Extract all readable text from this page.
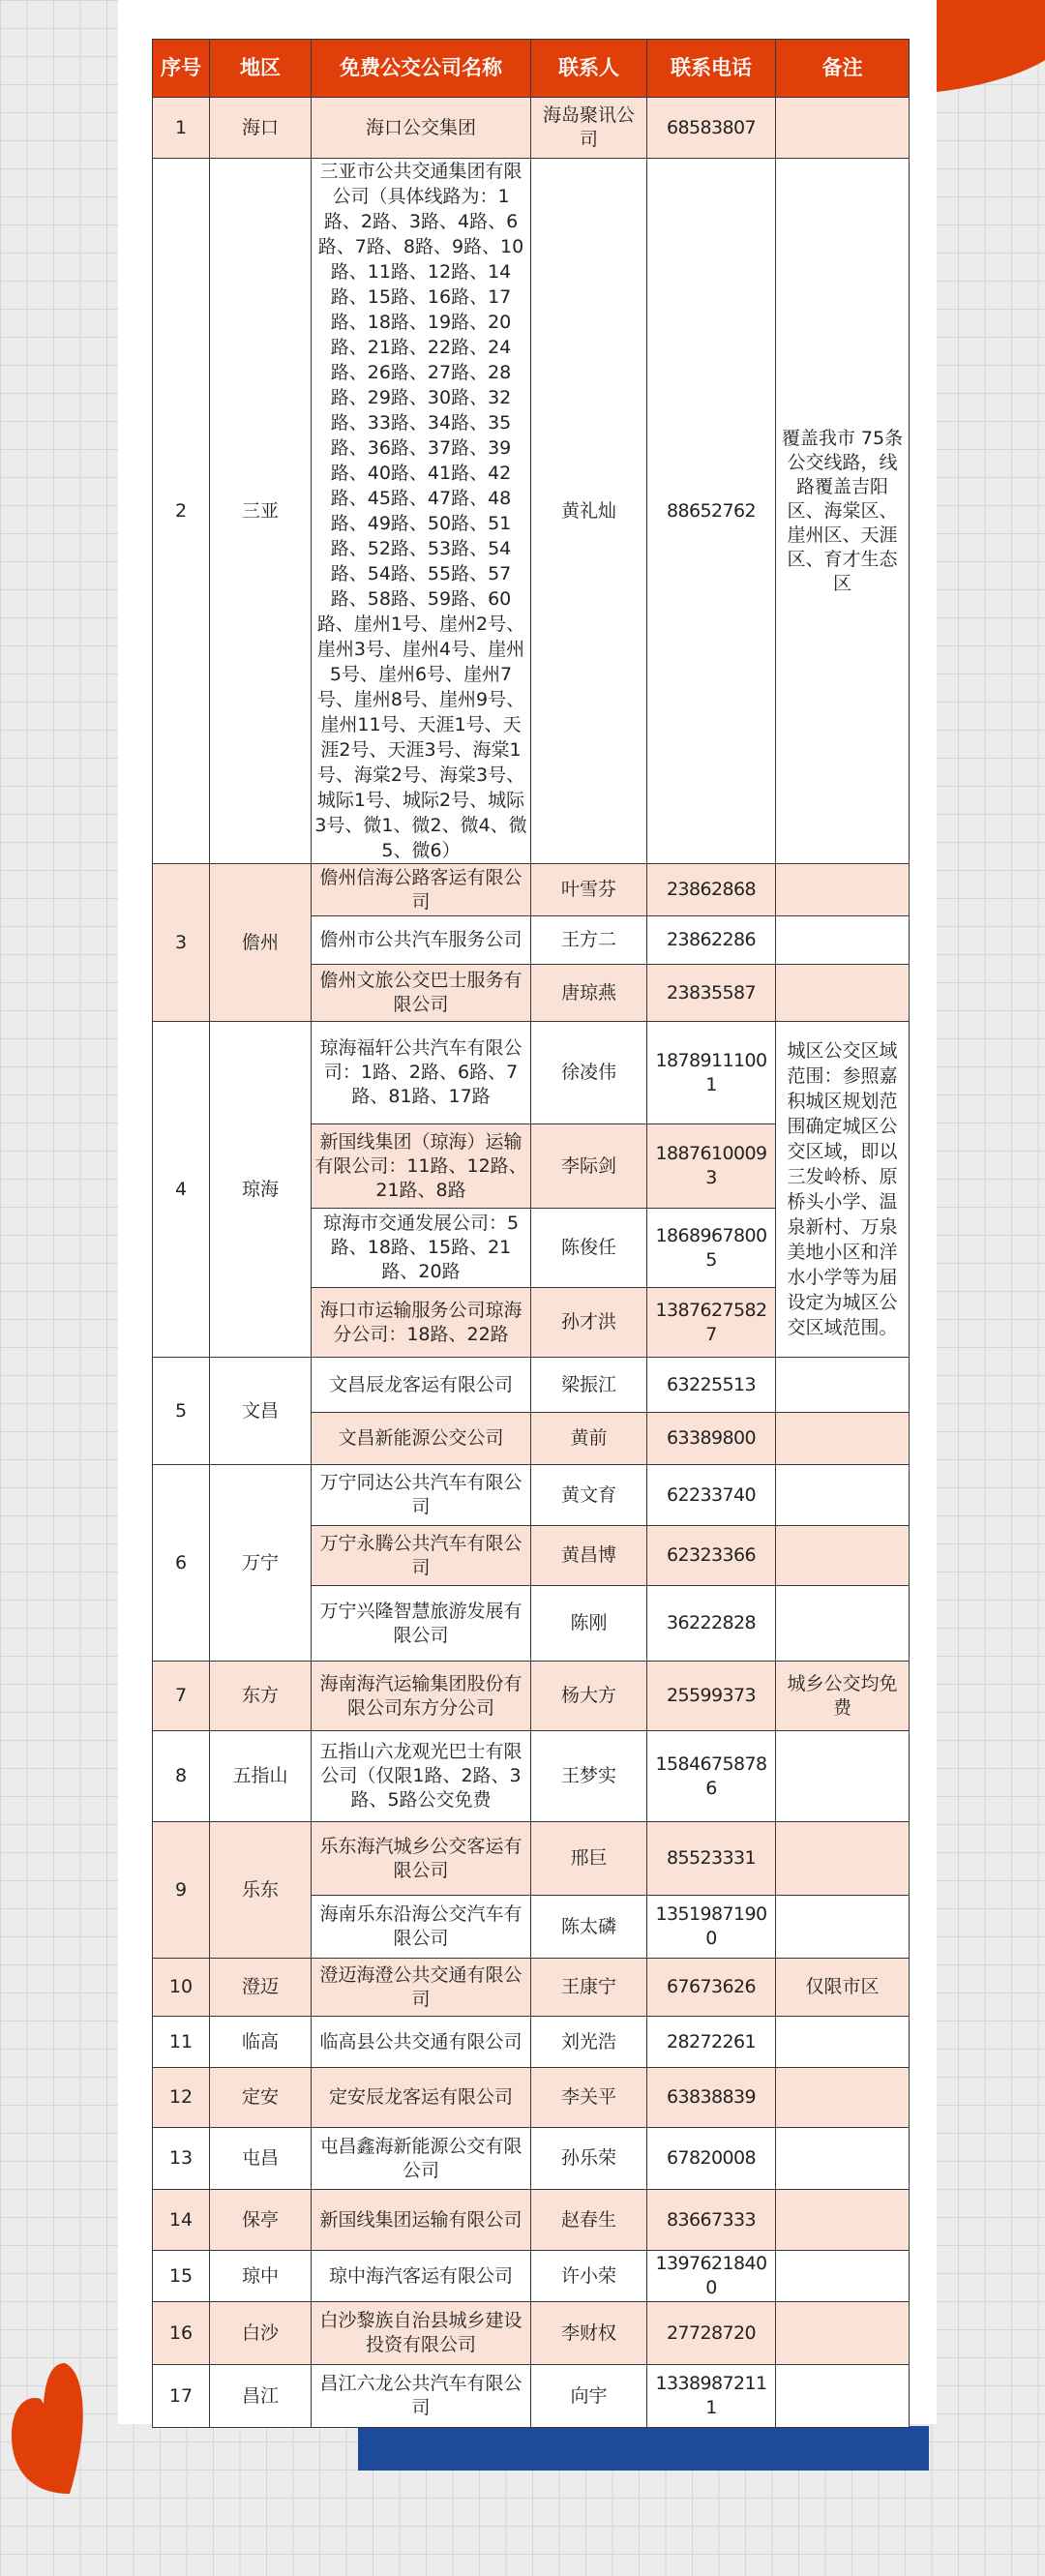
序号	地区	免费公交公司名称	联系人	联系电话	备注
1	海口	海口公交集团	海岛聚讯公司	68583807	
2	三亚	三亚市公共交通集团有限公司（具体线路为：1路、2路、3路、4路、6路、7路、8路、9路、10路、11路、12路、14路、15路、16路、17路、18路、19路、20路、21路、22路、24路、26路、27路、28路、29路、30路、32路、33路、34路、35路、36路、37路、39路、40路、41路、42路、45路、47路、48路、49路、50路、51路、52路、53路、54路、54路、55路、57路、58路、59路、60路、崖州1号、崖州2号、崖州3号、崖州4号、崖州5号、崖州6号、崖州7号、崖州8号、崖州9号、崖州11号、天涯1号、天涯2号、天涯3号、海棠1号、海棠2号、海棠3号、城际1号、城际2号、城际3号、微1、微2、微4、微5、微6）	黄礼灿	88652762	覆盖我市 75条公交线路，线路覆盖吉阳区、海棠区、崖州区、天涯区、育才生态区
3	儋州	儋州信海公路客运有限公司	叶雪芬	23862868	
		儋州市公共汽车服务公司	王方二	23862286	
		儋州文旅公交巴士服务有限公司	唐琼燕	23835587	
4	琼海	琼海福轩公共汽车有限公司：1路、2路、6路、7路、81路、17路	徐凌伟	18789111001	城区公交区域范围：参照嘉积城区规划范围确定城区公交区域，即以三发岭桥、原桥头小学、温泉新村、万泉美地小区和洋水小学等为届设定为城区公交区域范围。
		新国线集团（琼海）运输有限公司：11路、12路、21路、8路	李际剑	18876100093	
		琼海市交通发展公司：5路、18路、15路、21路、20路	陈俊任	18689678005	
		海口市运输服务公司琼海分公司：18路、22路	孙才洪	13876275827	
5	文昌	文昌辰龙客运有限公司	梁振江	63225513	
		文昌新能源公交公司	黄前	63389800	
6	万宁	万宁同达公共汽车有限公司	黄文育	62233740	
		万宁永腾公共汽车有限公司	黄昌博	62323366	
		万宁兴隆智慧旅游发展有限公司	陈刚	36222828	
7	东方	海南海汽运输集团股份有限公司东方分公司	杨大方	25599373	城乡公交均免费
8	五指山	五指山六龙观光巴士有限公司（仅限1路、2路、3路、5路公交免费	王梦实	15846758786	
9	乐东	乐东海汽城乡公交客运有限公司	邢巨	85523331	
		海南乐东沿海公交汽车有限公司	陈太磷	13519871900	
10	澄迈	澄迈海澄公共交通有限公司	王康宁	67673626	仅限市区
11	临高	临高县公共交通有限公司	刘光浩	28272261	
12	定安	定安辰龙客运有限公司	李关平	63838839	
13	屯昌	屯昌鑫海新能源公交有限公司	孙乐荣	67820008	
14	保亭	新国线集团运输有限公司	赵春生	83667333	
15	琼中	琼中海汽客运有限公司	许小荣	13976218400	
16	白沙	白沙黎族自治县城乡建设投资有限公司	李财权	27728720	
17	昌江	昌江六龙公共汽车有限公司	向宇	13389872111	
